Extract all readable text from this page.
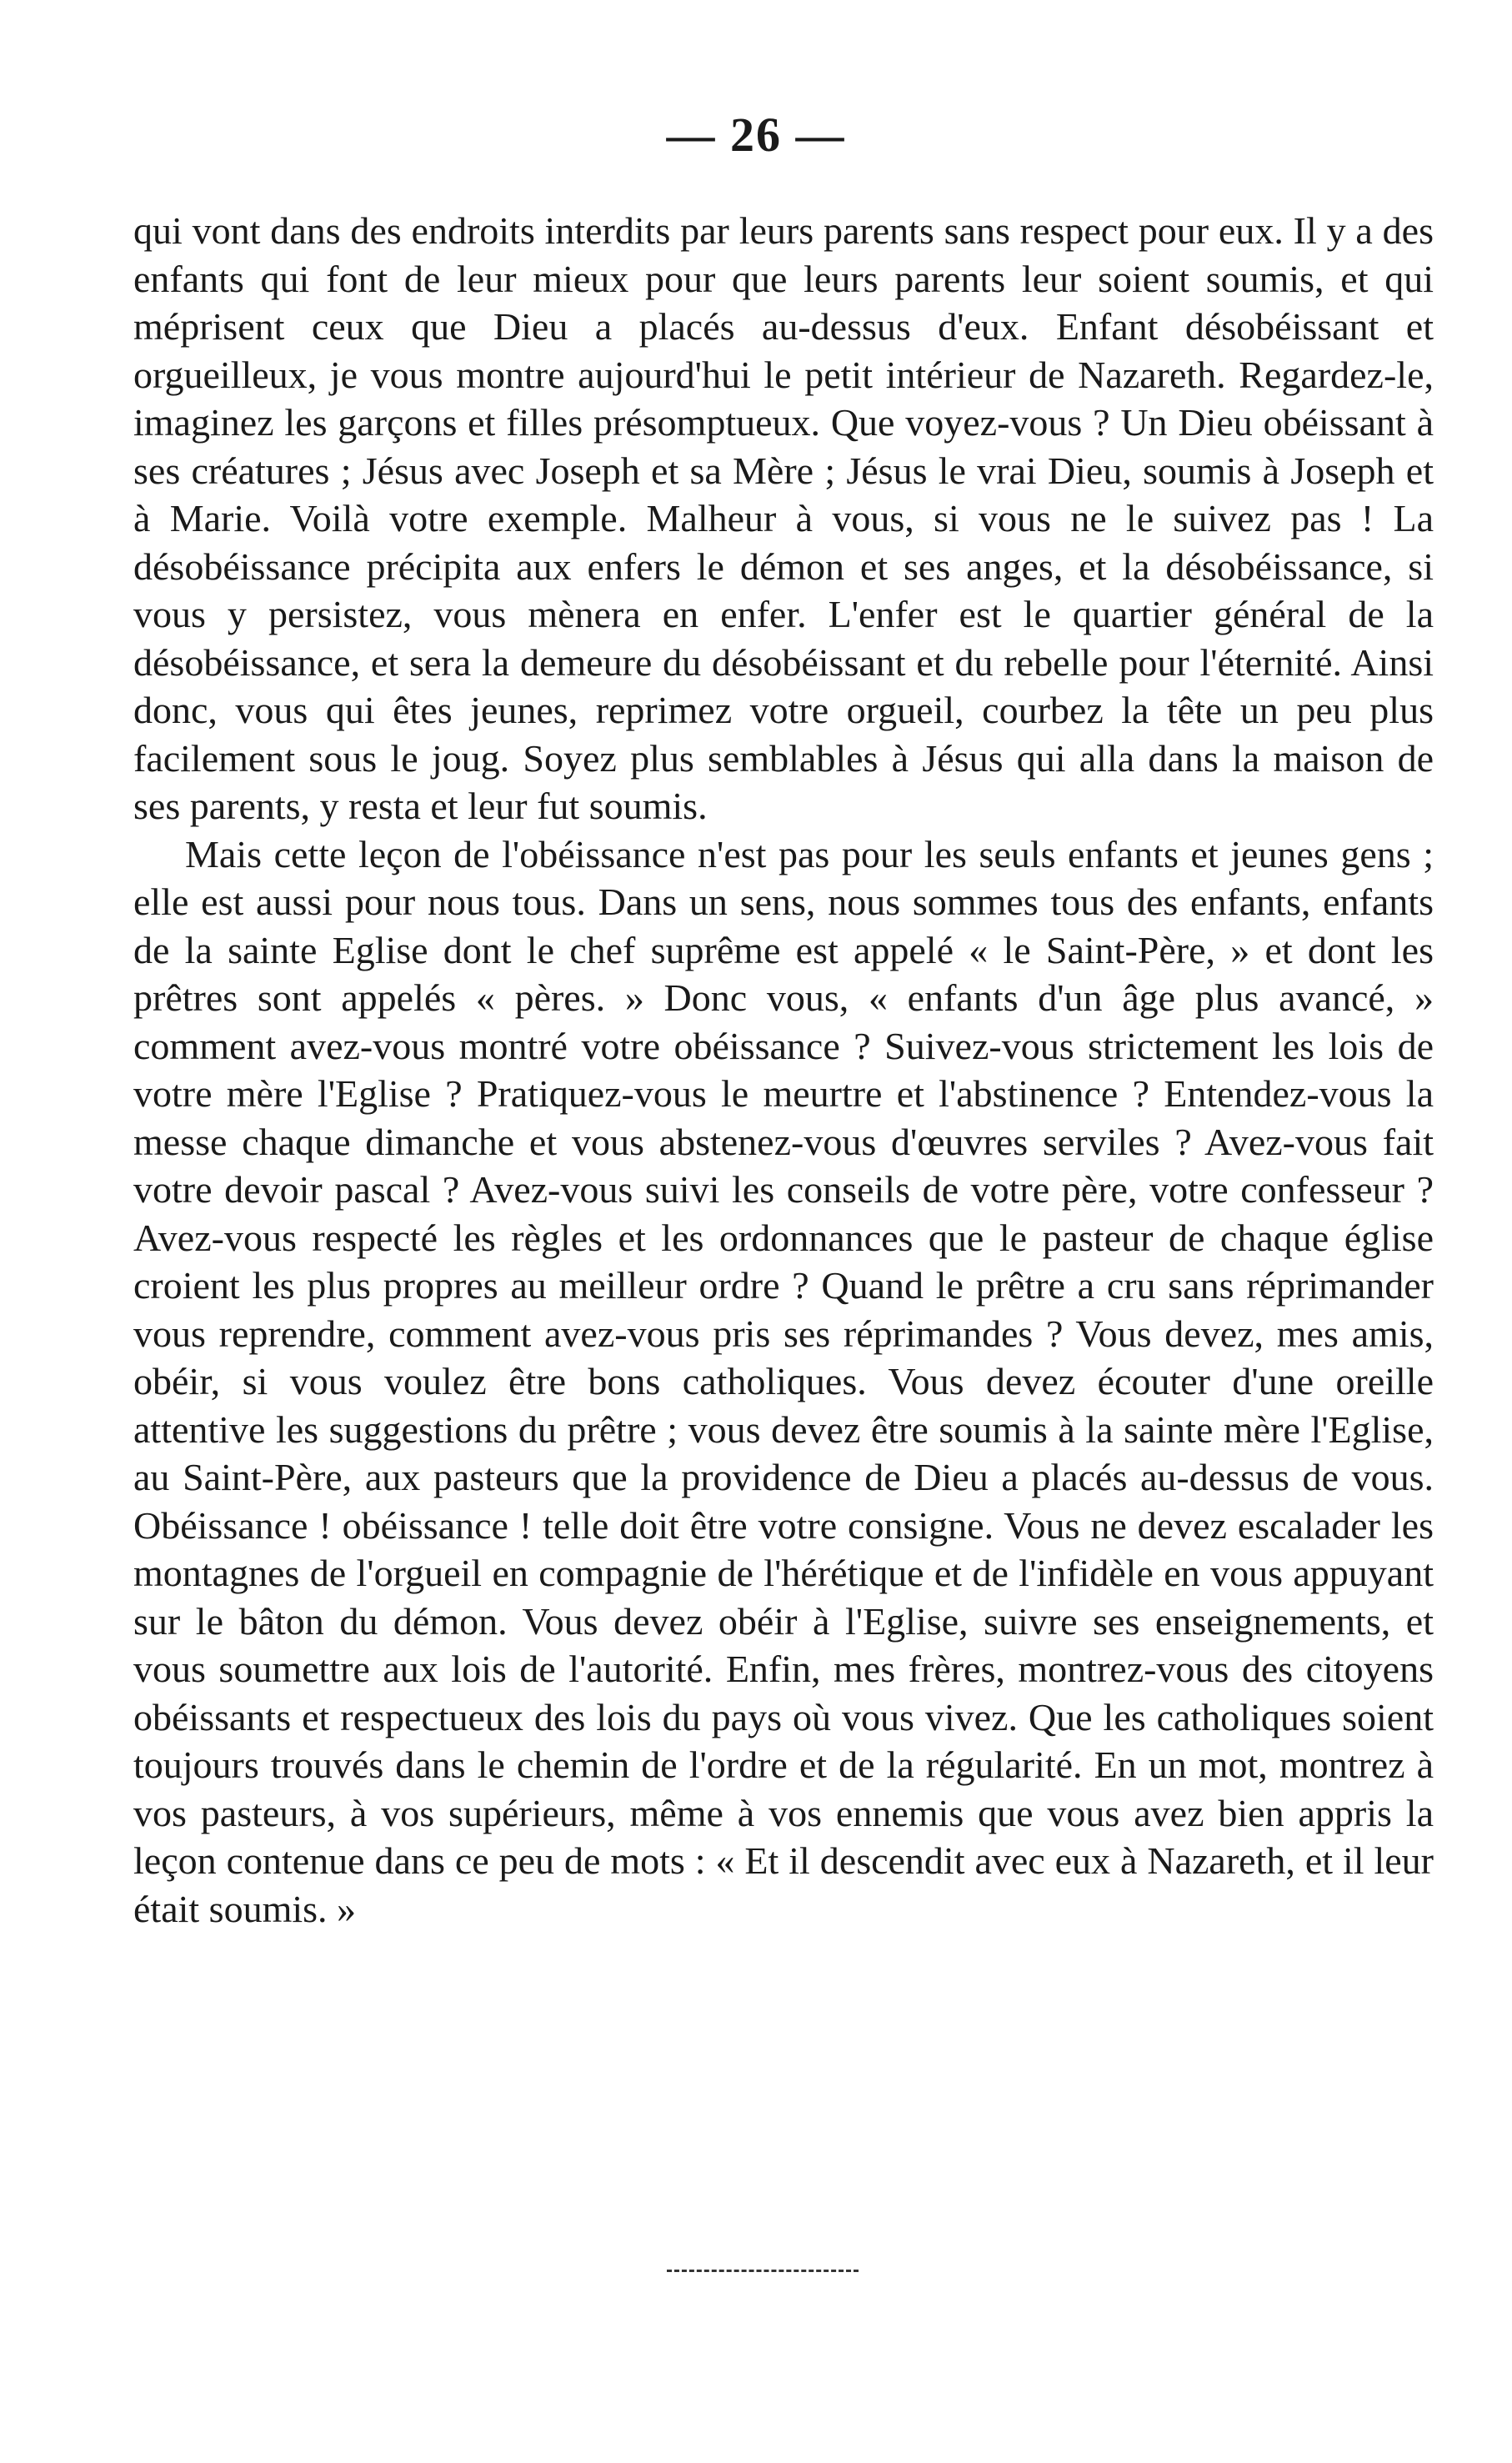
— 26 —

qui vont dans des endroits interdits par leurs parents sans respect pour eux. Il y a des enfants qui font de leur mieux pour que leurs parents leur soient soumis, et qui méprisent ceux que Dieu a placés au-dessus d'eux. Enfant désobéissant et orgueilleux, je vous montre aujourd'hui le petit intérieur de Nazareth. Regardez-le, imaginez les garçons et filles présomptueux. Que voyez-vous ? Un Dieu obéissant à ses créatures ; Jésus avec Joseph et sa Mère ; Jésus le vrai Dieu, soumis à Joseph et à Marie. Voilà votre exemple. Malheur à vous, si vous ne le suivez pas ! La désobéissance précipita aux enfers le démon et ses anges, et la désobéissance, si vous y persistez, vous mènera en enfer. L'enfer est le quartier général de la désobéissance, et sera la demeure du désobéissant et du rebelle pour l'éternité. Ainsi donc, vous qui êtes jeunes, reprimez votre orgueil, courbez la tête un peu plus facilement sous le joug. Soyez plus semblables à Jésus qui alla dans la maison de ses parents, y resta et leur fut soumis.

Mais cette leçon de l'obéissance n'est pas pour les seuls enfants et jeunes gens ; elle est aussi pour nous tous. Dans un sens, nous sommes tous des enfants, enfants de la sainte Eglise dont le chef suprême est appelé « le Saint-Père, » et dont les prêtres sont appelés « pères. » Donc vous, « enfants d'un âge plus avancé, » comment avez-vous montré votre obéissance ? Suivez-vous strictement les lois de votre mère l'Eglise ? Pratiquez-vous le meurtre et l'abstinence ? Entendez-vous la messe chaque dimanche et vous abstenez-vous d'œuvres serviles ? Avez-vous fait votre devoir pascal ? Avez-vous suivi les conseils de votre père, votre confesseur ? Avez-vous respecté les règles et les ordonnances que le pasteur de chaque église croient les plus propres au meilleur ordre ? Quand le prêtre a cru sans réprimander vous reprendre, comment avez-vous pris ses réprimandes ? Vous devez, mes amis, obéir, si vous voulez être bons catholiques. Vous devez écouter d'une oreille attentive les suggestions du prêtre ; vous devez être soumis à la sainte mère l'Eglise, au Saint-Père, aux pasteurs que la providence de Dieu a placés au-dessus de vous. Obéissance ! obéissance ! telle doit être votre consigne. Vous ne devez escalader les montagnes de l'orgueil en compagnie de l'hérétique et de l'infidèle en vous appuyant sur le bâton du démon. Vous devez obéir à l'Eglise, suivre ses enseignements, et vous soumettre aux lois de l'autorité. Enfin, mes frères, montrez-vous des citoyens obéissants et respectueux des lois du pays où vous vivez. Que les catholiques soient toujours trouvés dans le chemin de l'ordre et de la régularité. En un mot, montrez à vos pasteurs, à vos supérieurs, même à vos ennemis que vous avez bien appris la leçon contenue dans ce peu de mots : « Et il descendit avec eux à Nazareth, et il leur était soumis. »
